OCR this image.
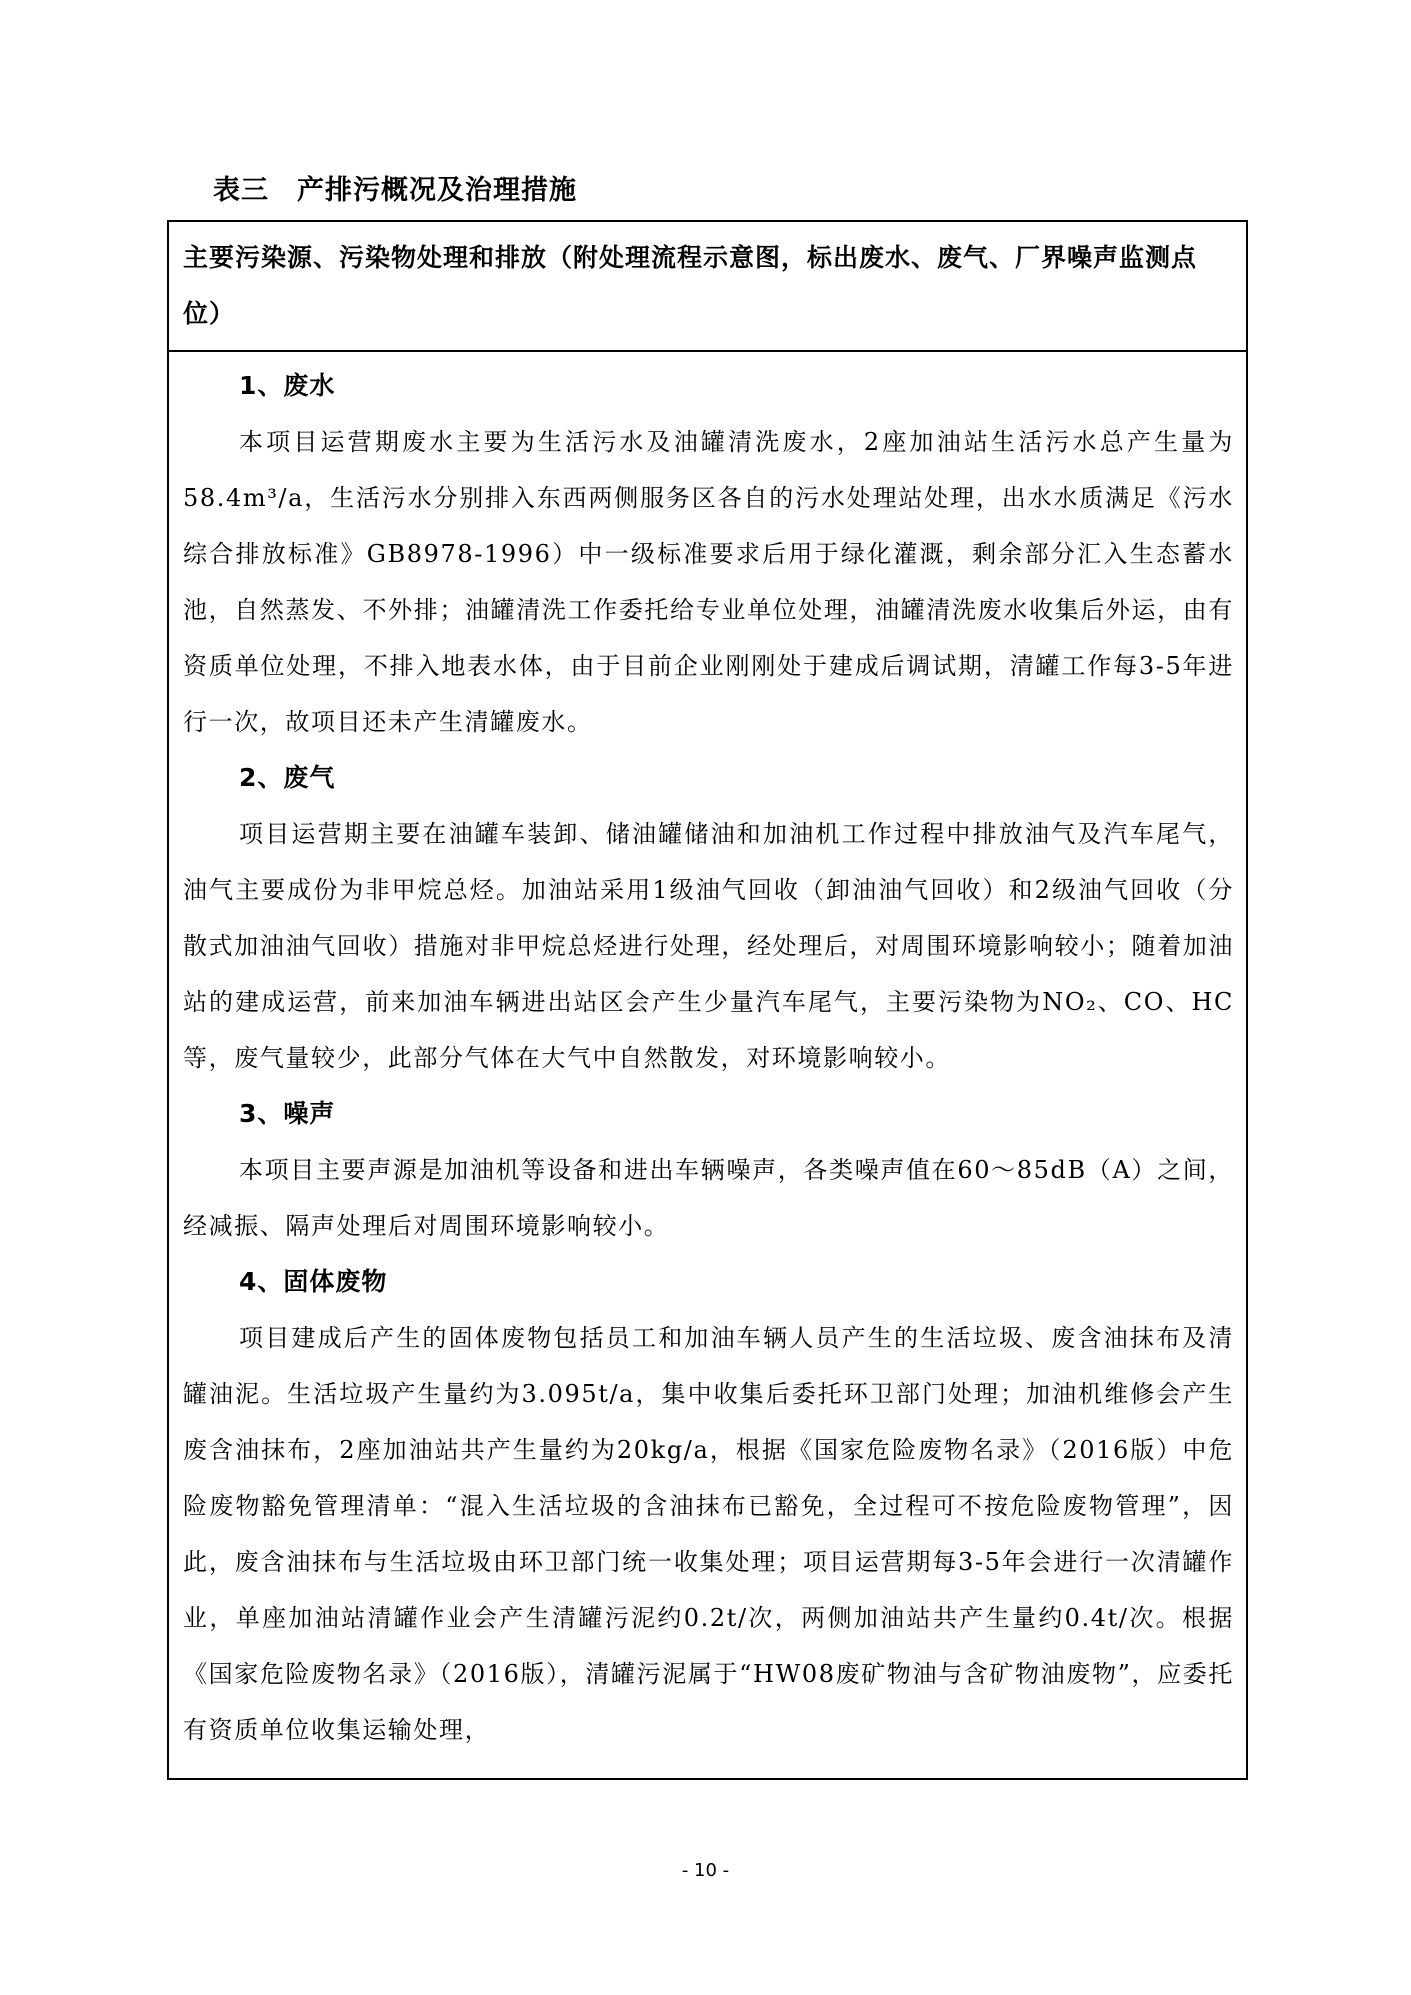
表三　产排污概况及治理措施
主要污染源、污染物处理和排放（附处理流程示意图，标出废水、废气、厂界噪声监测点位）
1、废水

本项目运营期废水主要为生活污水及油罐清洗废水，2座加油站生活污水总产生量为58.4m³/a，生活污水分别排入东西两侧服务区各自的污水处理站处理，出水水质满足《污水综合排放标准》GB8978-1996）中一级标准要求后用于绿化灌溉，剩余部分汇入生态蓄水池，自然蒸发、不外排；油罐清洗工作委托给专业单位处理，油罐清洗废水收集后外运，由有资质单位处理，不排入地表水体，由于目前企业刚刚处于建成后调试期，清罐工作每3-5年进行一次，故项目还未产生清罐废水。

2、废气

项目运营期主要在油罐车装卸、储油罐储油和加油机工作过程中排放油气及汽车尾气，油气主要成份为非甲烷总烃。加油站采用1级油气回收（卸油油气回收）和2级油气回收（分散式加油油气回收）措施对非甲烷总烃进行处理，经处理后，对周围环境影响较小；随着加油站的建成运营，前来加油车辆进出站区会产生少量汽车尾气，主要污染物为NO₂、CO、HC等，废气量较少，此部分气体在大气中自然散发，对环境影响较小。

3、噪声

本项目主要声源是加油机等设备和进出车辆噪声，各类噪声值在60～85dB（A）之间，经减振、隔声处理后对周围环境影响较小。

4、固体废物

项目建成后产生的固体废物包括员工和加油车辆人员产生的生活垃圾、废含油抹布及清罐油泥。生活垃圾产生量约为3.095t/a，集中收集后委托环卫部门处理；加油机维修会产生废含油抹布，2座加油站共产生量约为20kg/a，根据《国家危险废物名录》（2016版）中危险废物豁免管理清单：“混入生活垃圾的含油抹布已豁免，全过程可不按危险废物管理”，因此，废含油抹布与生活垃圾由环卫部门统一收集处理；项目运营期每3-5年会进行一次清罐作业，单座加油站清罐作业会产生清罐污泥约0.2t/次，两侧加油站共产生量约0.4t/次。根据《国家危险废物名录》（2016版），清罐污泥属于“HW08废矿物油与含矿物油废物”，应委托有资质单位收集运输处理，

- 10 -
